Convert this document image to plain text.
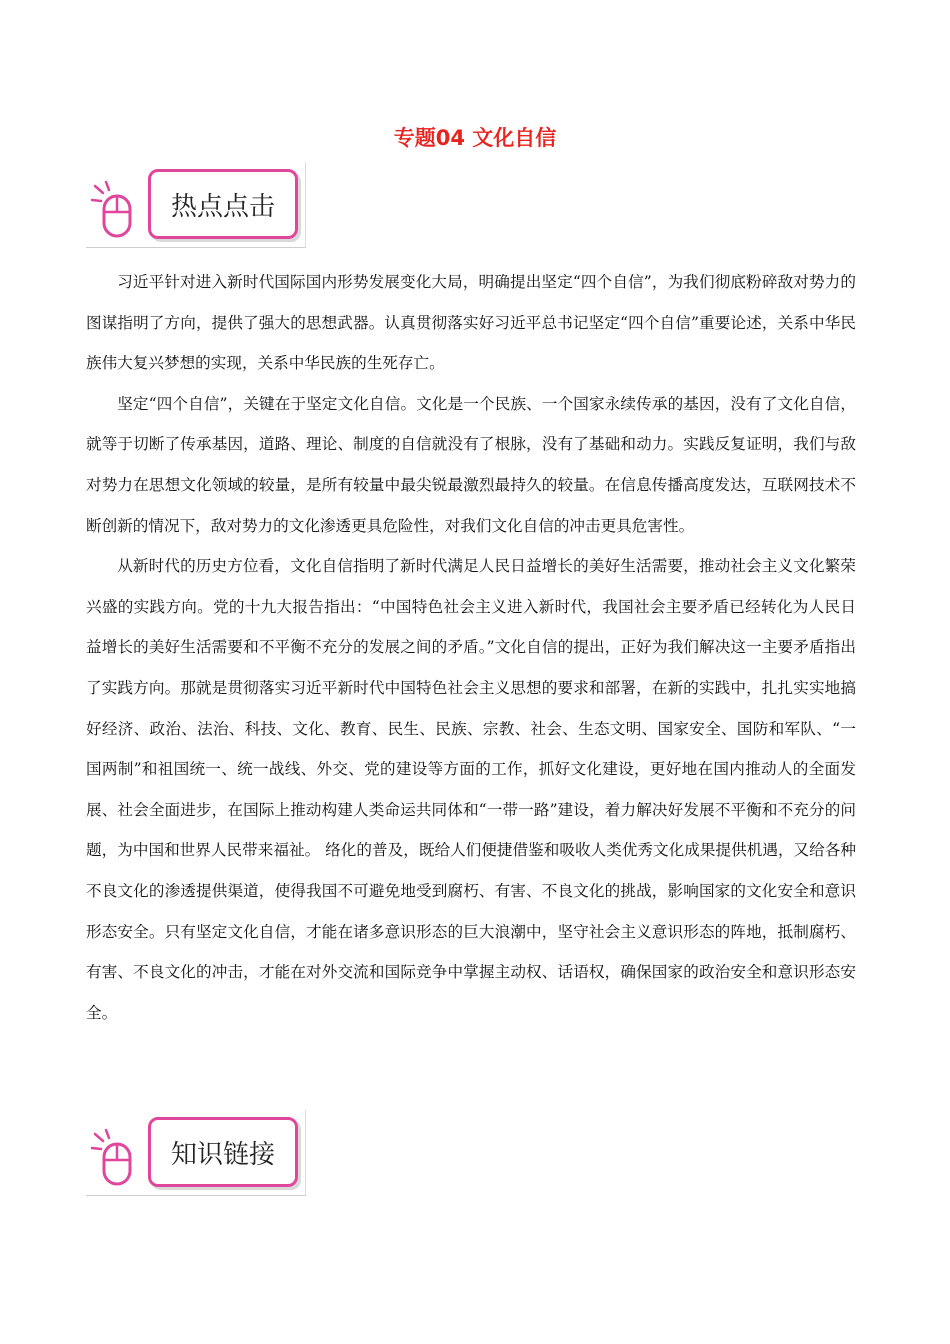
专题04 文化自信
热点点击

习近平针对进入新时代国际国内形势发展变化大局，明确提出坚定“四个自信”，为我们彻底粉碎敌对势力的图谋指明了方向，提供了强大的思想武器。认真贯彻落实好习近平总书记坚定“四个自信”重要论述，关系中华民族伟大复兴梦想的实现，关系中华民族的生死存亡。

坚定“四个自信”，关键在于坚定文化自信。文化是一个民族、一个国家永续传承的基因，没有了文化自信，就等于切断了传承基因，道路、理论、制度的自信就没有了根脉，没有了基础和动力。实践反复证明，我们与敌对势力在思想文化领域的较量，是所有较量中最尖锐最激烈最持久的较量。在信息传播高度发达，互联网技术不断创新的情况下，敌对势力的文化渗透更具危险性，对我们文化自信的冲击更具危害性。

从新时代的历史方位看，文化自信指明了新时代满足人民日益增长的美好生活需要，推动社会主义文化繁荣兴盛的实践方向。党的十九大报告指出：“中国特色社会主义进入新时代，我国社会主要矛盾已经转化为人民日益增长的美好生活需要和不平衡不充分的发展之间的矛盾。”文化自信的提出，正好为我们解决这一主要矛盾指出了实践方向。那就是贯彻落实习近平新时代中国特色社会主义思想的要求和部署，在新的实践中，扎扎实实地搞好经济、政治、法治、科技、文化、教育、民生、民族、宗教、社会、生态文明、国家安全、国防和军队、“一国两制”和祖国统一、统一战线、外交、党的建设等方面的工作，抓好文化建设，更好地在国内推动人的全面发展、社会全面进步，在国际上推动构建人类命运共同体和“一带一路”建设，着力解决好发展不平衡和不充分的问题，为中国和世界人民带来福祉。 络化的普及，既给人们便捷借鉴和吸收人类优秀文化成果提供机遇，又给各种不良文化的渗透提供渠道，使得我国不可避免地受到腐朽、有害、不良文化的挑战，影响国家的文化安全和意识形态安全。只有坚定文化自信，才能在诸多意识形态的巨大浪潮中，坚守社会主义意识形态的阵地，抵制腐朽、有害、不良文化的冲击，才能在对外交流和国际竞争中掌握主动权、话语权，确保国家的政治安全和意识形态安全。

知识链接
